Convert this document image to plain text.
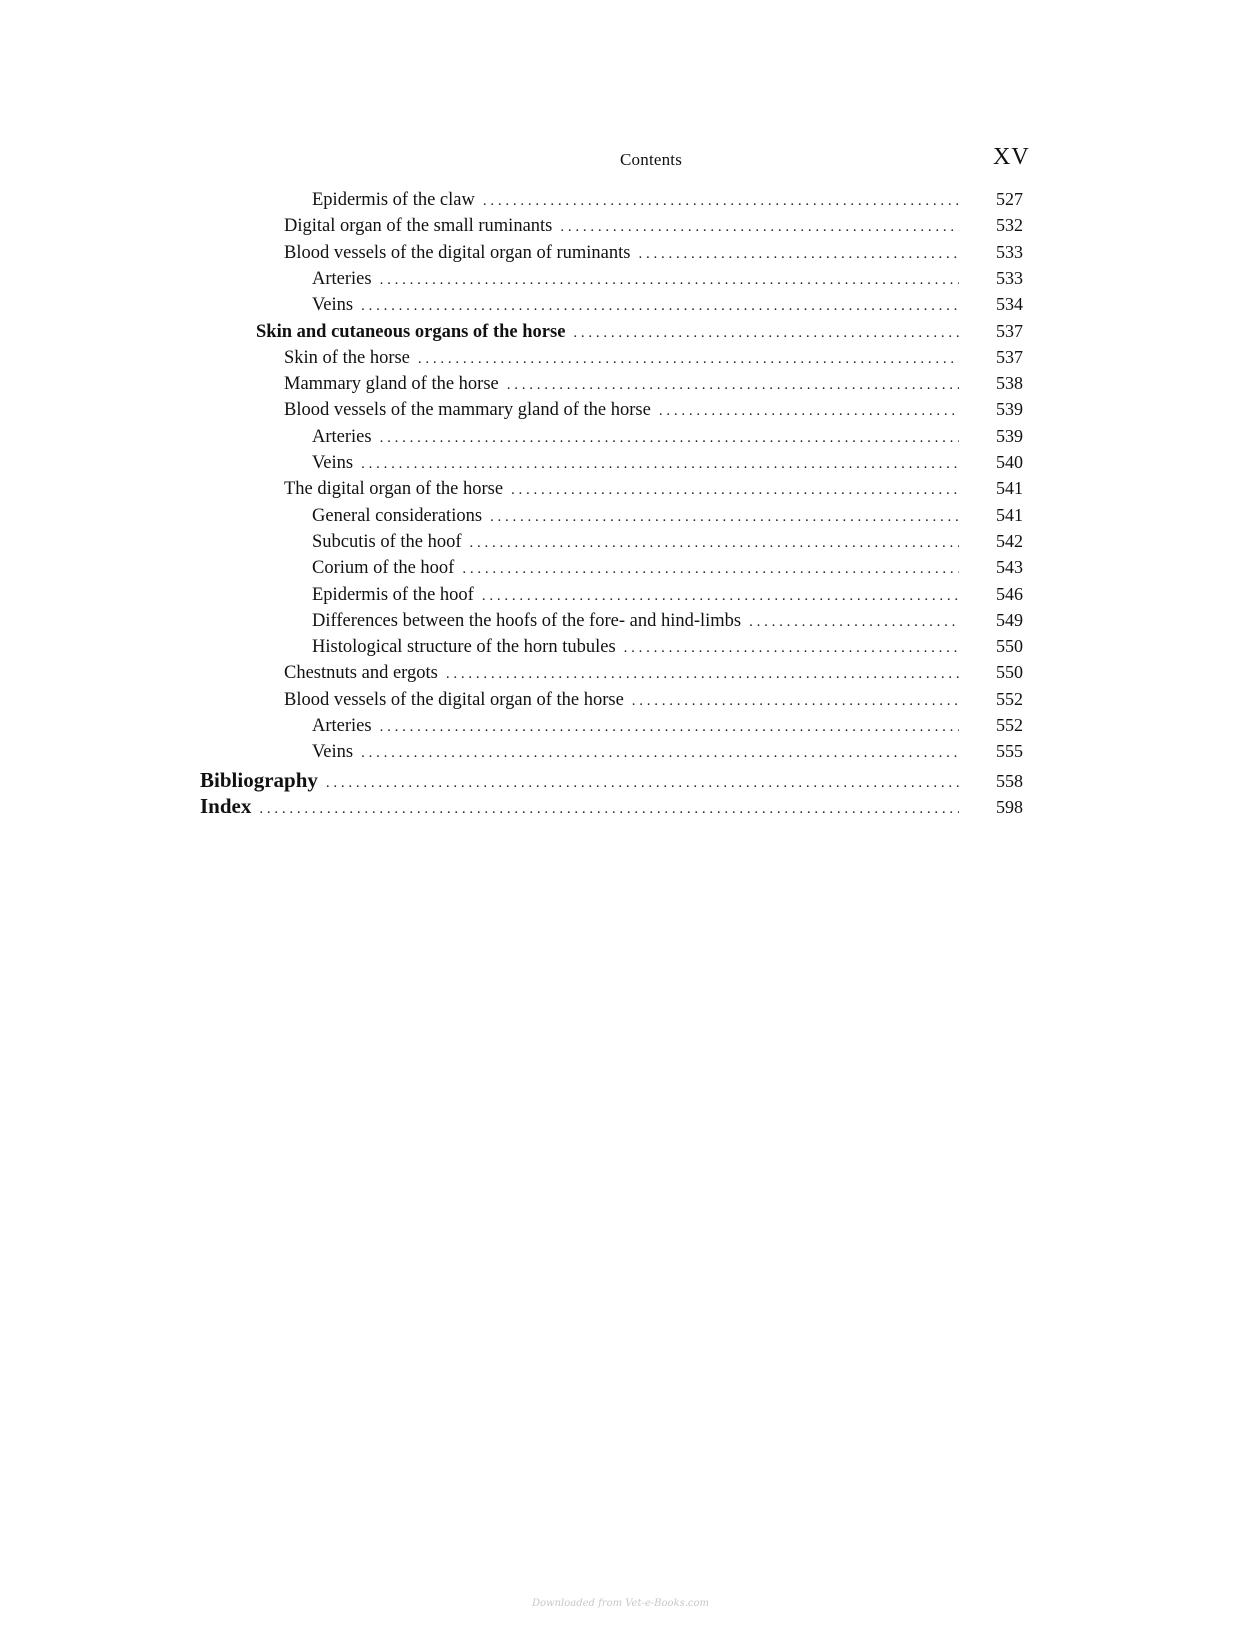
Contents	XV
Epidermis of the claw . . .	527
Digital organ of the small ruminants . . .	532
Blood vessels of the digital organ of ruminants . . .	533
Arteries . . .	533
Veins . . .	534
Skin and cutaneous organs of the horse . . .	537
Skin of the horse . . .	537
Mammary gland of the horse . . .	538
Blood vessels of the mammary gland of the horse . . .	539
Arteries . . .	539
Veins . . .	540
The digital organ of the horse . . .	541
General considerations . . .	541
Subcutis of the hoof . . .	542
Corium of the hoof . . .	543
Epidermis of the hoof . . .	546
Differences between the hoofs of the fore- and hind-limbs . . .	549
Histological structure of the horn tubules . . .	550
Chestnuts and ergots . . .	550
Blood vessels of the digital organ of the horse . . .	552
Arteries . . .	552
Veins . . .	555
Bibliography . . .	558
Index . . .	598
Downloaded from Vet-e-Books.com
